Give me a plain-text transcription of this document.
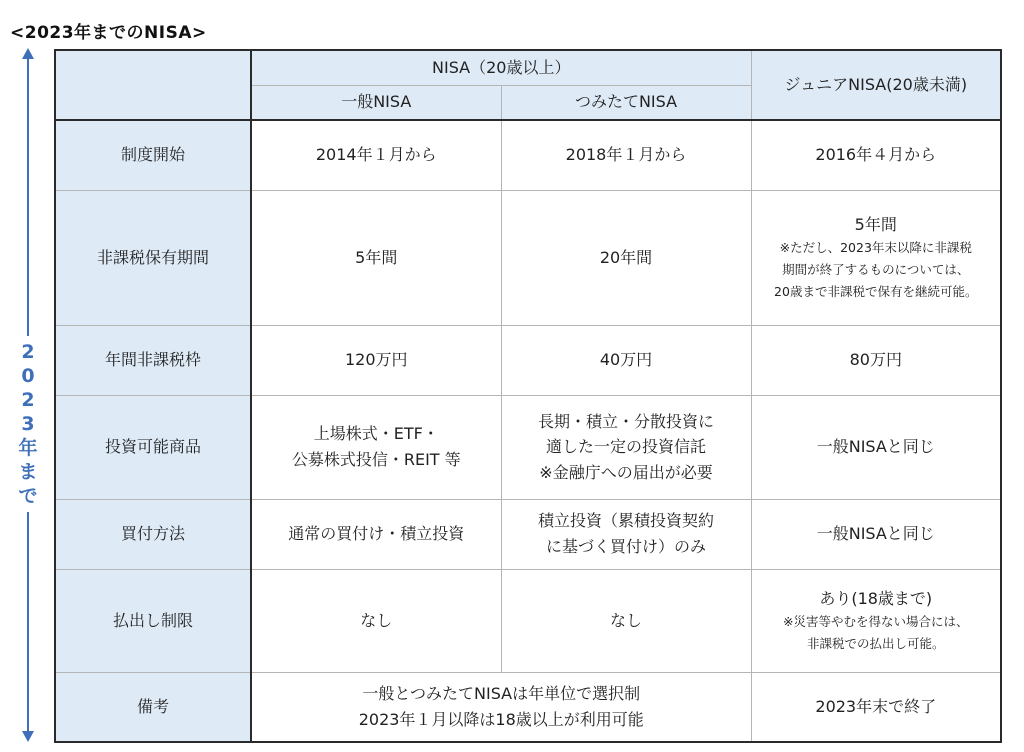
<2023年までのNISA>
2
0
2
3
年
ま
で
	NISA（20歳以上）		ジュニアNISA(20歳未満)
	一般NISA	つみたてNISA	
制度開始	2014年１月から	2018年１月から	2016年４月から
非課税保有期間	5年間	20年間	5年間
※ただし、2023年末以降に非課税
期間が終了するものについては、
20歳まで非課税で保有を継続可能。

年間非課税枠	120万円	40万円	80万円
投資可能商品	上場株式・ETF・
公募株式投信・REIT 等	長期・積立・分散投資に
適した一定の投資信託
※金融庁への届出が必要	一般NISAと同じ
買付方法	通常の買付け・積立投資	積立投資（累積投資契約
に基づく買付け）のみ	一般NISAと同じ
払出し制限	なし	なし	あり(18歳まで)
※災害等やむを得ない場合には、
非課税での払出し可能。

備考	一般とつみたてNISAは年単位で選択制
2023年１月以降は18歳以上が利用可能		2023年末で終了
